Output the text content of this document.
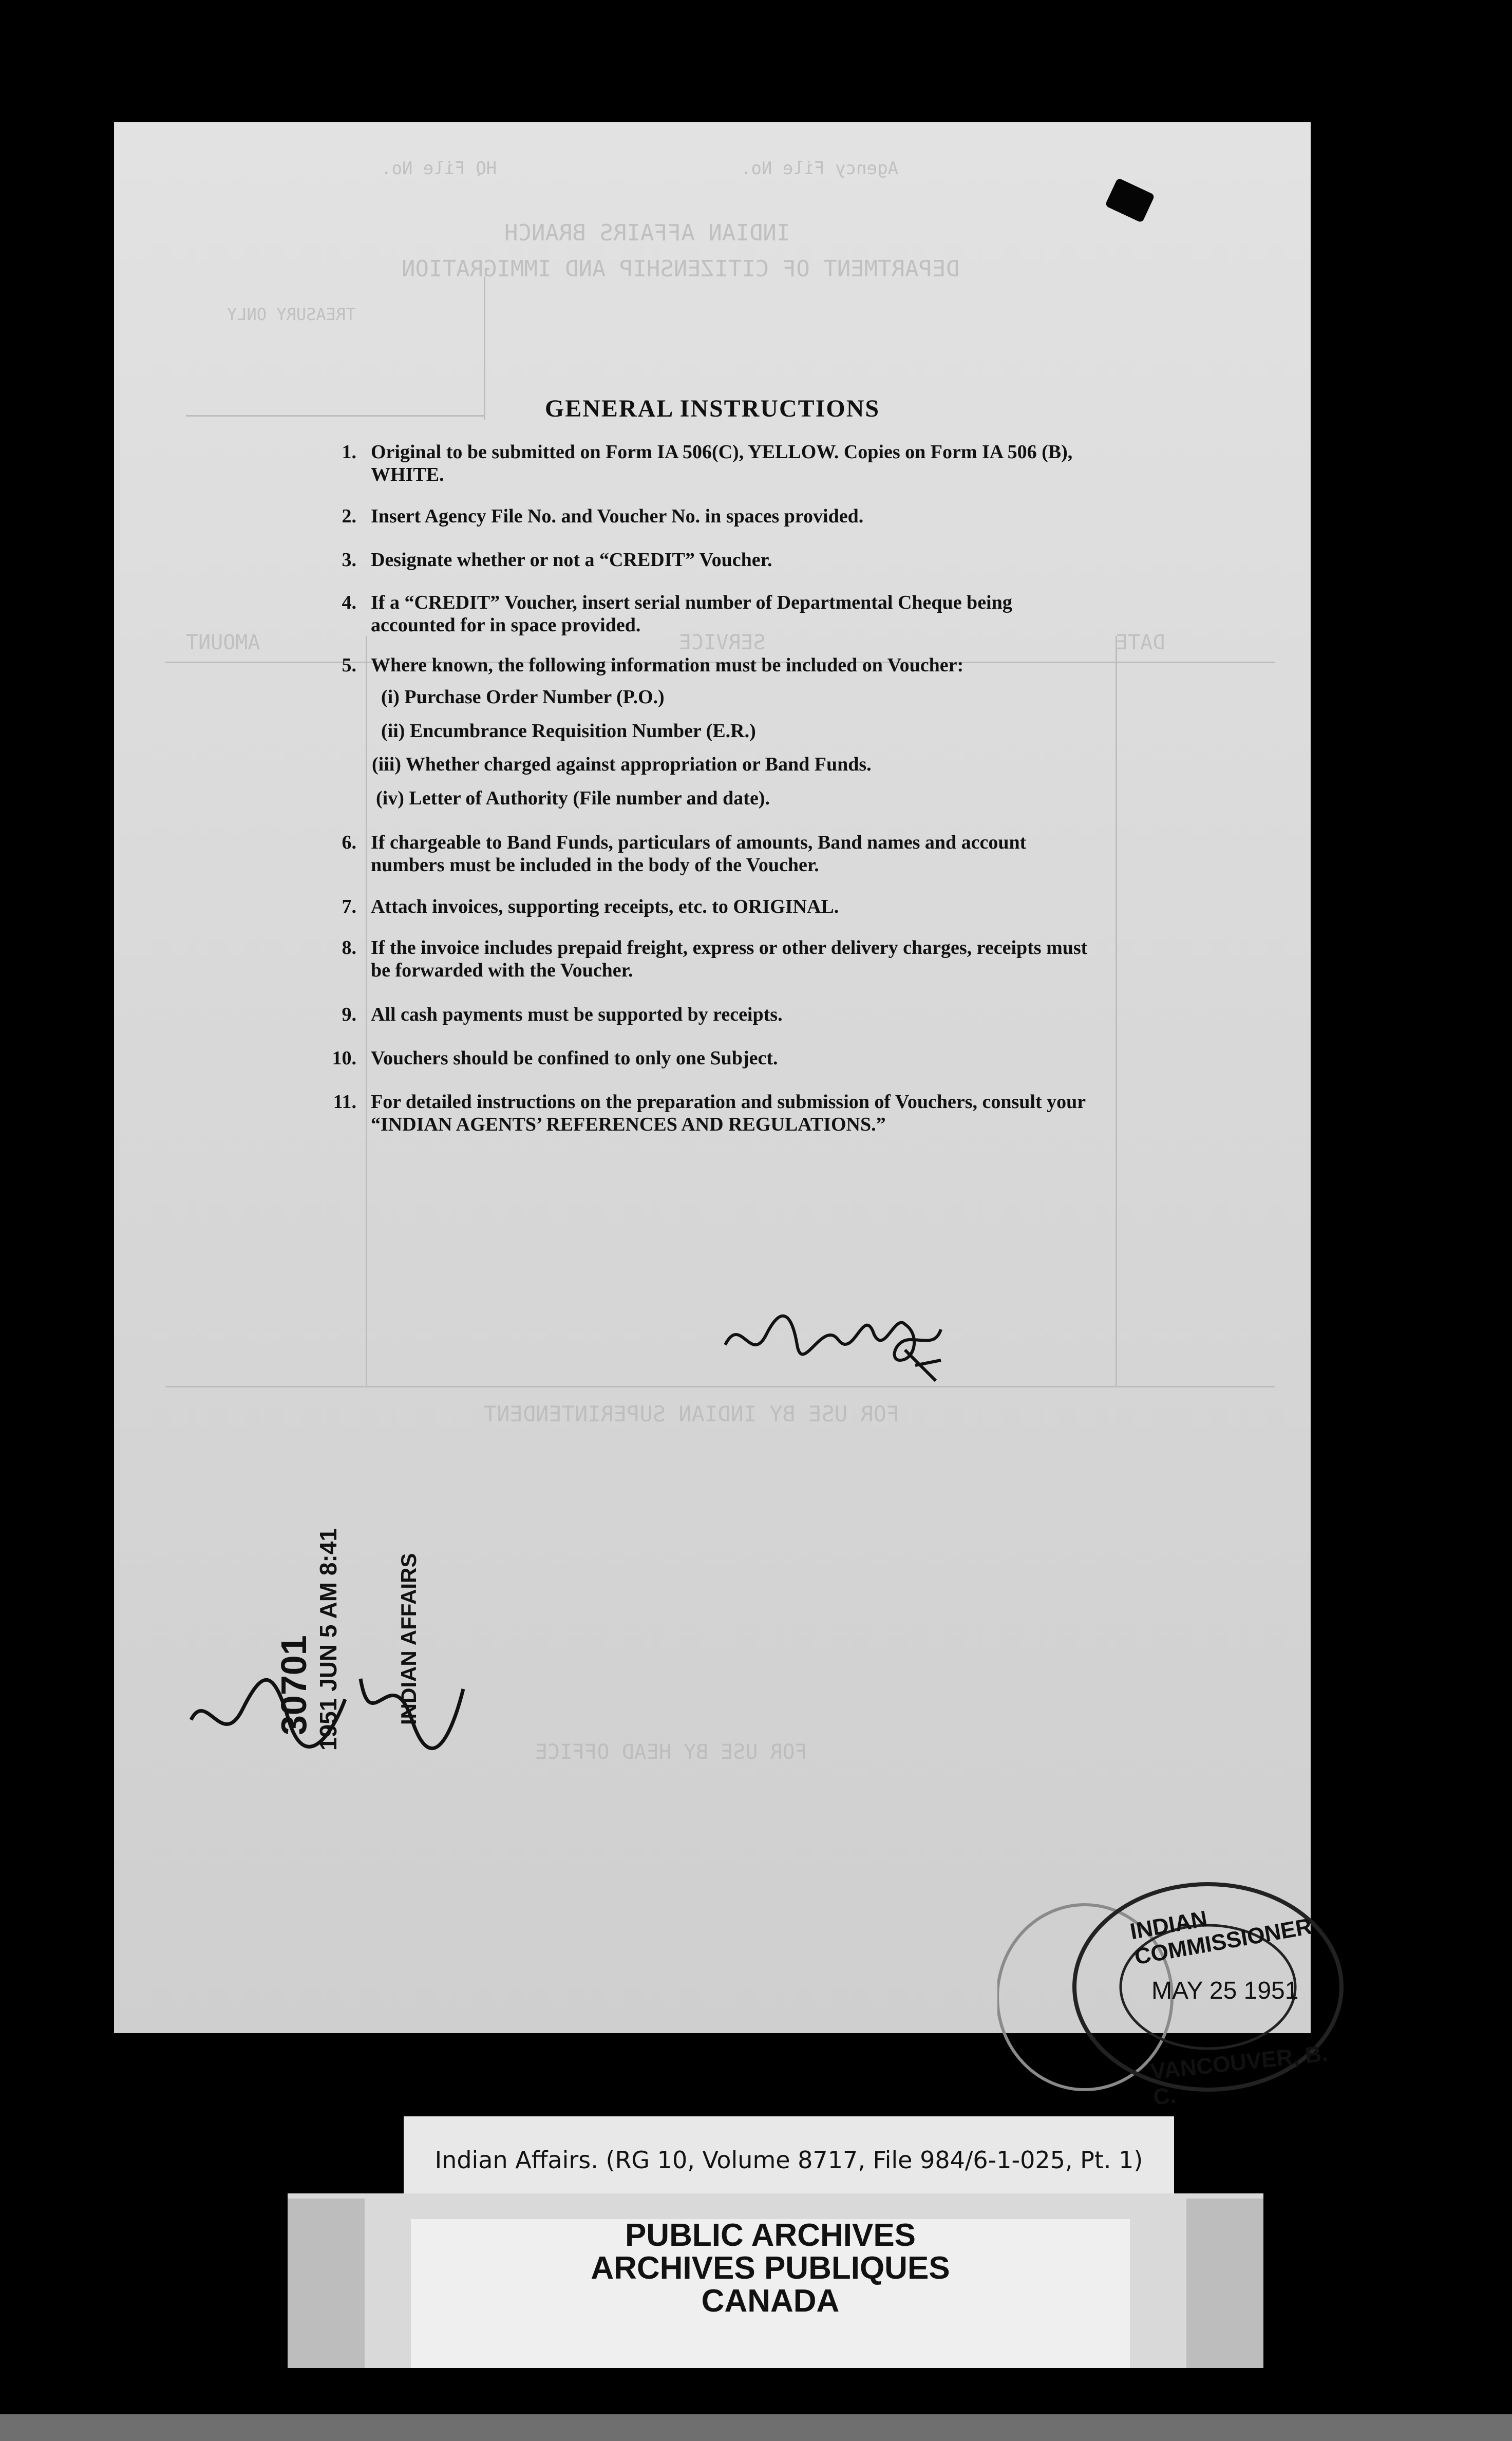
HQ File No.	Agency File No.
INDIAN AFFAIRS BRANCH
DEPARTMENT OF CITIZENSHIP AND IMMIGRATION
TREASURY ONLY
AMOUNT	SERVICE	DATE
FOR USE BY INDIAN SUPERINTENDENT
FOR USE BY HEAD OFFICE
GENERAL INSTRUCTIONS
1. Original to be submitted on Form IA 506(C), YELLOW. Copies on Form IA 506 (B), WHITE.
2. Insert Agency File No. and Voucher No. in spaces provided.
3. Designate whether or not a “CREDIT” Voucher.
4. If a “CREDIT” Voucher, insert serial number of Departmental Cheque being accounted for in space provided.
5. Where known, the following information must be included on Voucher:
(i) Purchase Order Number (P.O.)
(ii) Encumbrance Requisition Number (E.R.)
(iii) Whether charged against appropriation or Band Funds.
(iv) Letter of Authority (File number and date).
6. If chargeable to Band Funds, particulars of amounts, Band names and account numbers must be included in the body of the Voucher.
7. Attach invoices, supporting receipts, etc. to ORIGINAL.
8. If the invoice includes prepaid freight, express or other delivery charges, receipts must be forwarded with the Voucher.
9. All cash payments must be supported by receipts.
10. Vouchers should be confined to only one Subject.
11. For detailed instructions on the preparation and submission of Vouchers, consult your “INDIAN AGENTS’ REFERENCES AND REGULATIONS.”
30701 1951 JUN 5 AM 8:41	INDIAN AFFAIRS
INDIAN COMMISSIONER
MAY 25 1951
VANCOUVER, B. C.
Indian Affairs. (RG 10, Volume 8717, File 984/6-1-025, Pt. 1)
PUBLIC ARCHIVES
ARCHIVES PUBLIQUES
CANADA
